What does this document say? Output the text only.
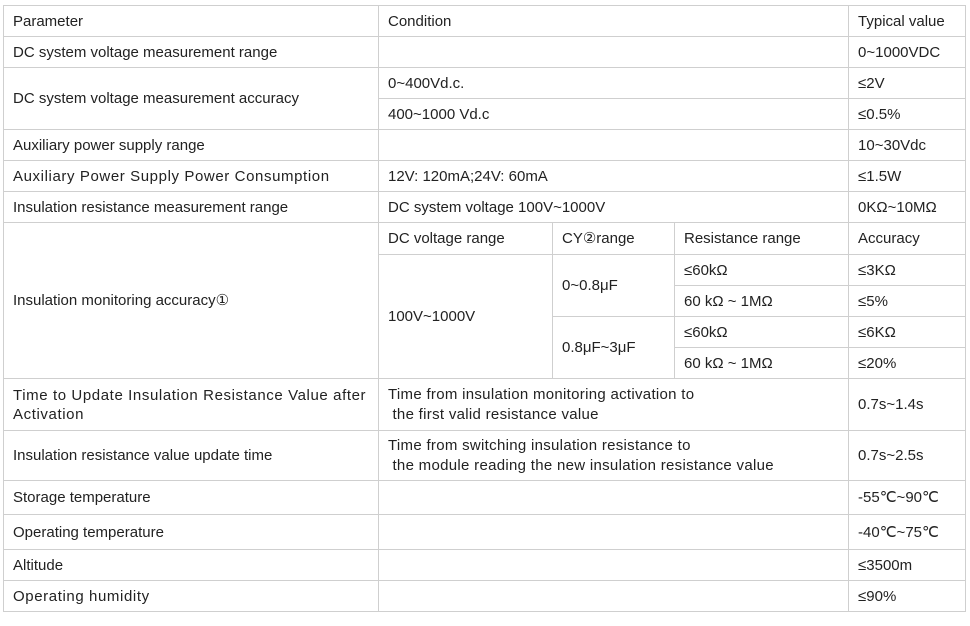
Parameter	Condition			Typical value
DC system voltage measurement range				0~1000VDC
DC system voltage measurement accuracy	0~400Vd.c.			≤2V
	400~1000 Vd.c			≤0.5%
Auxiliary power supply range				10~30Vdc
Auxiliary Power Supply Power Consumption	12V: 120mA;24V: 60mA			≤1.5W
Insulation resistance measurement range	DC system voltage 100V~1000V			0KΩ~10MΩ
Insulation monitoring accuracy①	DC voltage range	CY②range	Resistance range	Accuracy
	100V~1000V	0~0.8μF	≤60kΩ	≤3KΩ
			60 kΩ ~ 1MΩ	≤5%
		0.8μF~3μF	≤60kΩ	≤6KΩ
			60 kΩ ~ 1MΩ	≤20%
Time to Update Insulation Resistance Value after Activation	Time from insulation monitoring activation to
the first valid resistance value			0.7s~1.4s
Insulation resistance value update time	Time from switching insulation resistance to
the module reading the new insulation resistance value			0.7s~2.5s
Storage temperature				-55℃~90℃
Operating temperature				-40℃~75℃
Altitude				≤3500m
Operating humidity				≤90%
